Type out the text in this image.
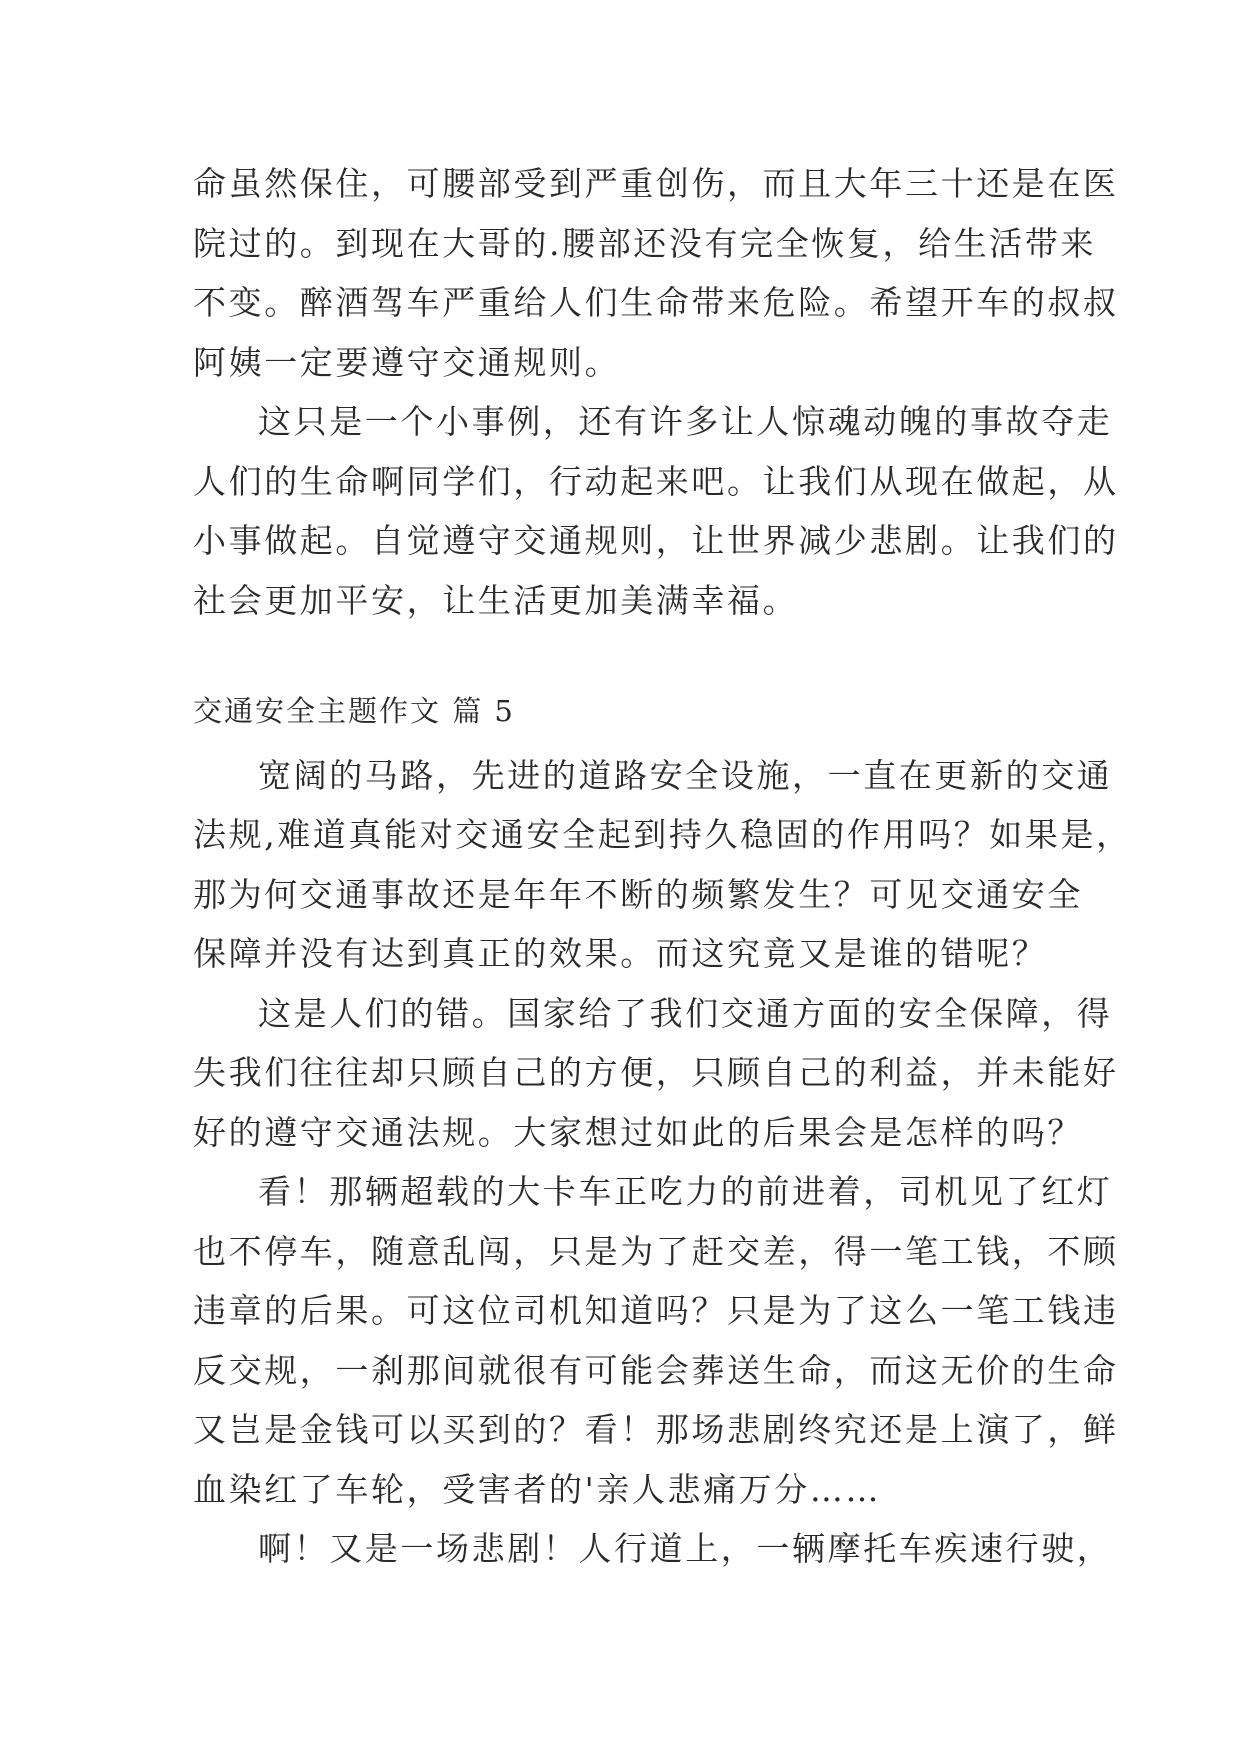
命虽然保住，可腰部受到严重创伤，而且大年三十还是在医
院过的。到现在大哥的.腰部还没有完全恢复，给生活带来
不变。醉酒驾车严重给人们生命带来危险。希望开车的叔叔
阿姨一定要遵守交通规则。
这只是一个小事例，还有许多让人惊魂动魄的事故夺走
人们的生命啊同学们，行动起来吧。让我们从现在做起，从
小事做起。自觉遵守交通规则，让世界减少悲剧。让我们的
社会更加平安，让生活更加美满幸福。
交通安全主题作文 篇 5
宽阔的马路，先进的道路安全设施，一直在更新的交通
法规,难道真能对交通安全起到持久稳固的作用吗？如果是，
那为何交通事故还是年年不断的频繁发生？可见交通安全
保障并没有达到真正的效果。而这究竟又是谁的错呢？
这是人们的错。国家给了我们交通方面的安全保障，得
失我们往往却只顾自己的方便，只顾自己的利益，并未能好
好的遵守交通法规。大家想过如此的后果会是怎样的吗？
看！那辆超载的大卡车正吃力的前进着，司机见了红灯
也不停车，随意乱闯，只是为了赶交差，得一笔工钱，不顾
违章的后果。可这位司机知道吗？只是为了这么一笔工钱违
反交规，一刹那间就很有可能会葬送生命，而这无价的生命
又岂是金钱可以买到的？看！那场悲剧终究还是上演了，鲜
血染红了车轮，受害者的'亲人悲痛万分……
啊！又是一场悲剧！人行道上，一辆摩托车疾速行驶，
